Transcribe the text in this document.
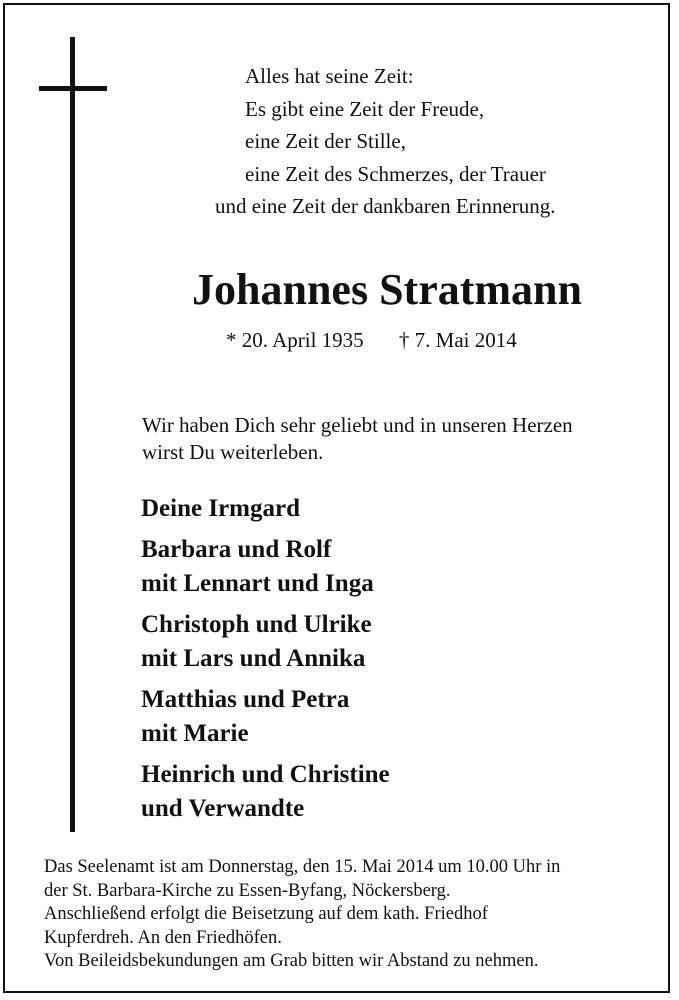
Alles hat seine Zeit:
Es gibt eine Zeit der Freude,
eine Zeit der Stille,
eine Zeit des Schmerzes, der Trauer
und eine Zeit der dankbaren Erinnerung.
Johannes Stratmann
* 20. April 1935 † 7. Mai 2014
Wir haben Dich sehr geliebt und in unseren Herzen
wirst Du weiterleben.
Deine Irmgard
Barbara und Rolf
mit Lennart und Inga
Christoph und Ulrike
mit Lars und Annika
Matthias und Petra
mit Marie
Heinrich und Christine
und Verwandte
Das Seelenamt ist am Donnerstag, den 15. Mai 2014 um 10.00 Uhr in
der St. Barbara-Kirche zu Essen-Byfang, Nöckersberg.
Anschließend erfolgt die Beisetzung auf dem kath. Friedhof
Kupferdreh. An den Friedhöfen.
Von Beileidsbekundungen am Grab bitten wir Abstand zu nehmen.
